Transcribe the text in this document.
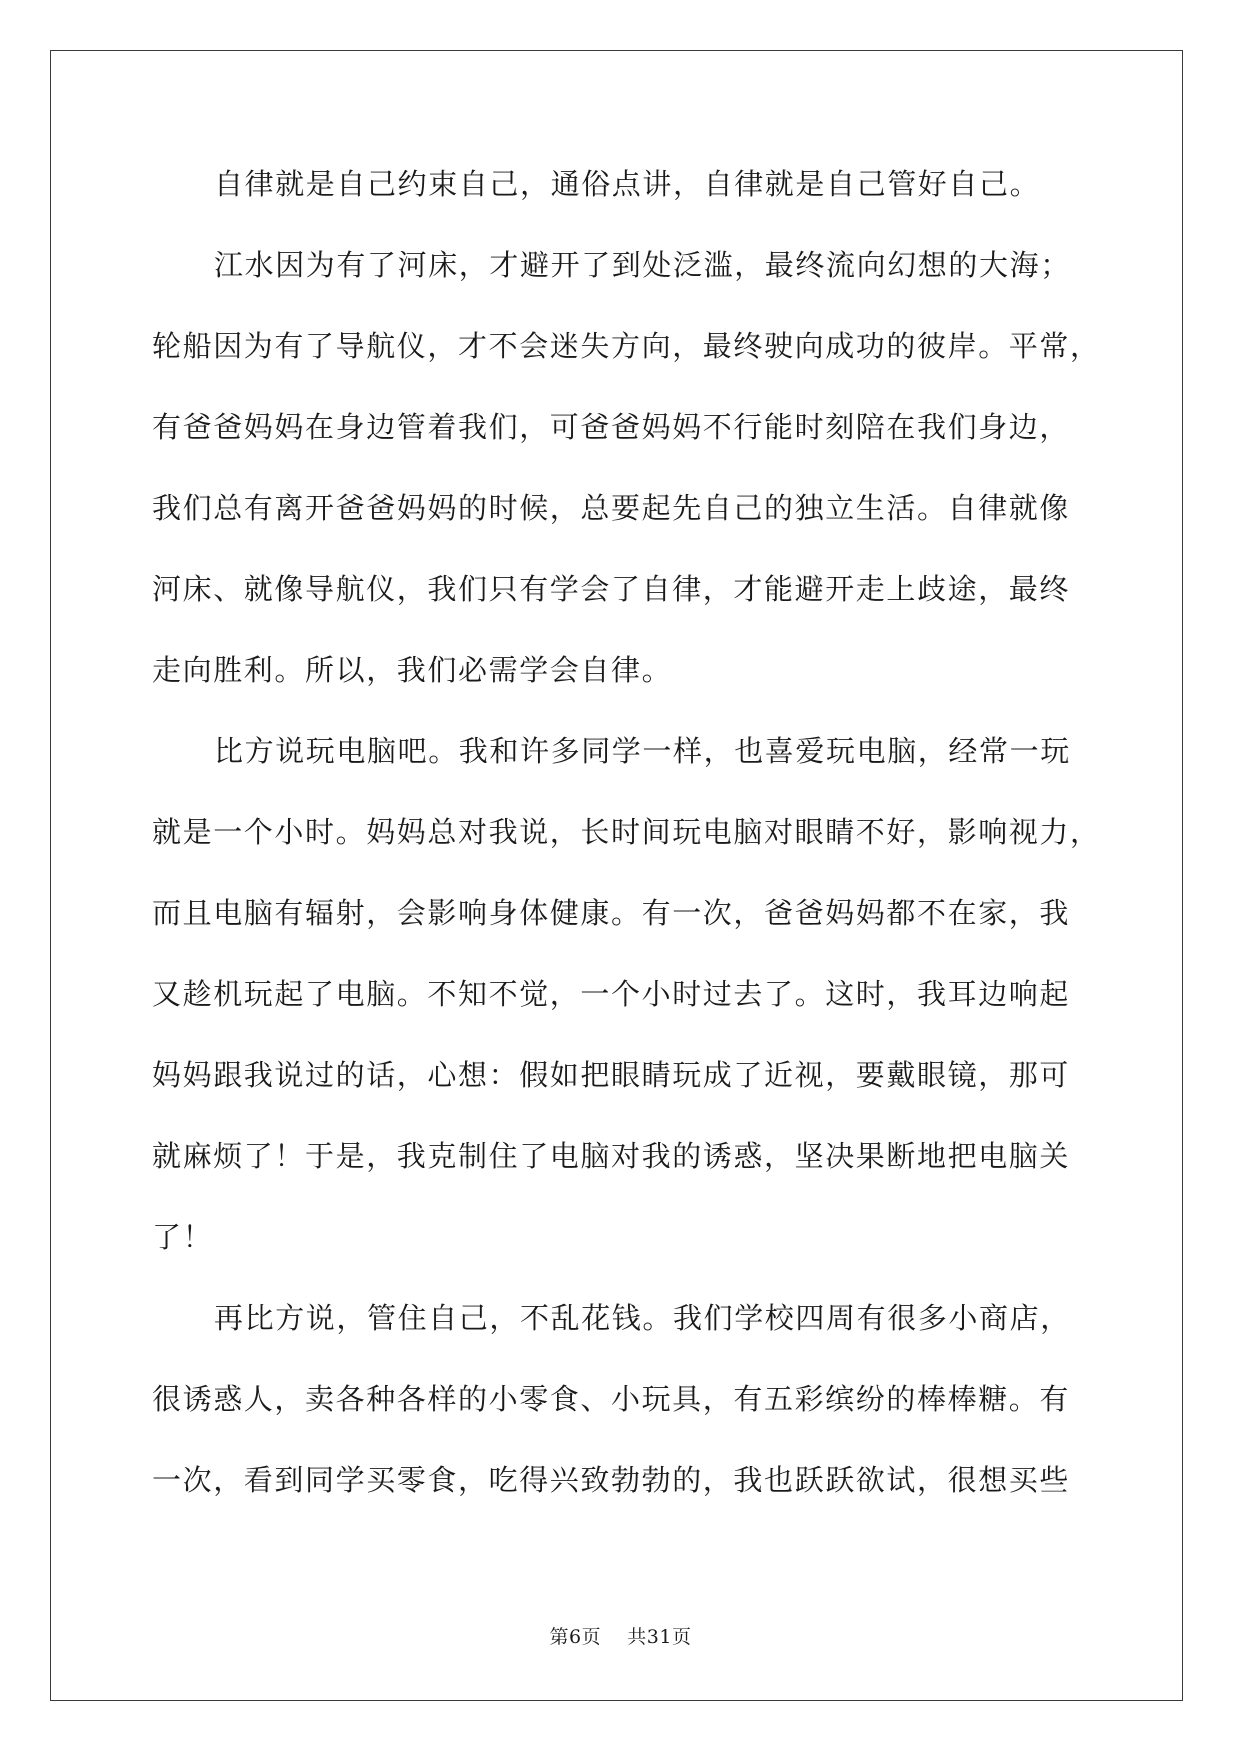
自律就是自己约束自己，通俗点讲，自律就是自己管好自己。

江水因为有了河床，才避开了到处泛滥，最终流向幻想的大海；

轮船因为有了导航仪，才不会迷失方向，最终驶向成功的彼岸。平常，

有爸爸妈妈在身边管着我们，可爸爸妈妈不行能时刻陪在我们身边，

我们总有离开爸爸妈妈的时候，总要起先自己的独立生活。自律就像

河床、就像导航仪，我们只有学会了自律，才能避开走上歧途，最终

走向胜利。所以，我们必需学会自律。

比方说玩电脑吧。我和许多同学一样，也喜爱玩电脑，经常一玩

就是一个小时。妈妈总对我说，长时间玩电脑对眼睛不好，影响视力，

而且电脑有辐射，会影响身体健康。有一次，爸爸妈妈都不在家，我

又趁机玩起了电脑。不知不觉，一个小时过去了。这时，我耳边响起

妈妈跟我说过的话，心想：假如把眼睛玩成了近视，要戴眼镜，那可

就麻烦了！于是，我克制住了电脑对我的诱惑，坚决果断地把电脑关

了！

再比方说，管住自己，不乱花钱。我们学校四周有很多小商店，

很诱惑人，卖各种各样的小零食、小玩具，有五彩缤纷的棒棒糖。有

一次，看到同学买零食，吃得兴致勃勃的，我也跃跃欲试，很想买些

第6页 共31页
